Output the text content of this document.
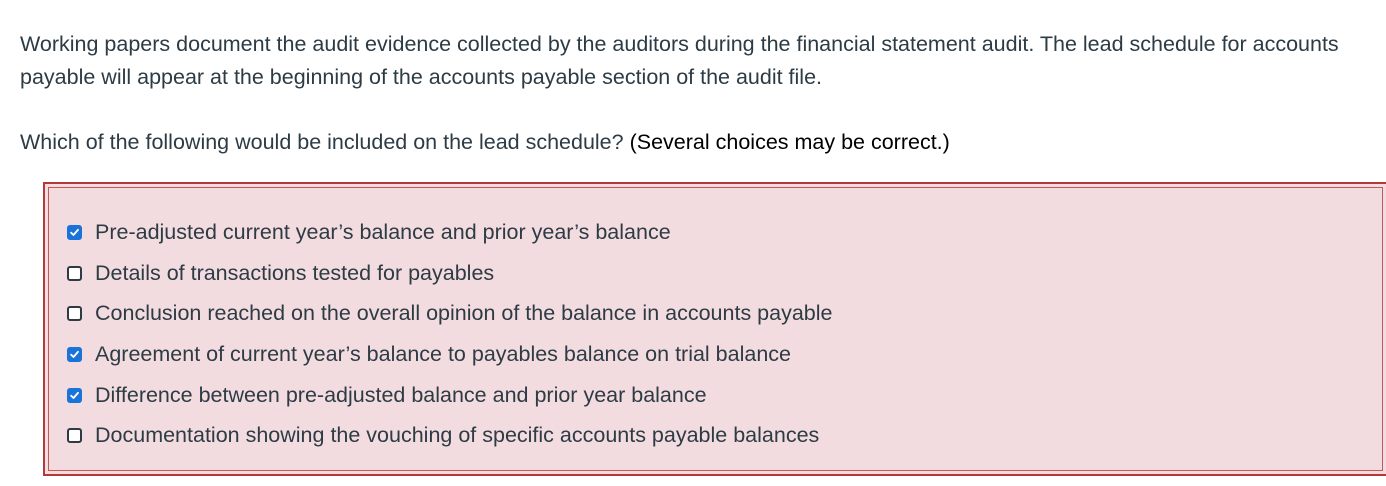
Working papers document the audit evidence collected by the auditors during the financial statement audit. The lead schedule for accounts payable will appear at the beginning of the accounts payable section of the audit file.

Which of the following would be included on the lead schedule? (Several choices may be correct.)

Pre-adjusted current year’s balance and prior year’s balance
Details of transactions tested for payables
Conclusion reached on the overall opinion of the balance in accounts payable
Agreement of current year’s balance to payables balance on trial balance
Difference between pre-adjusted balance and prior year balance
Documentation showing the vouching of specific accounts payable balances
